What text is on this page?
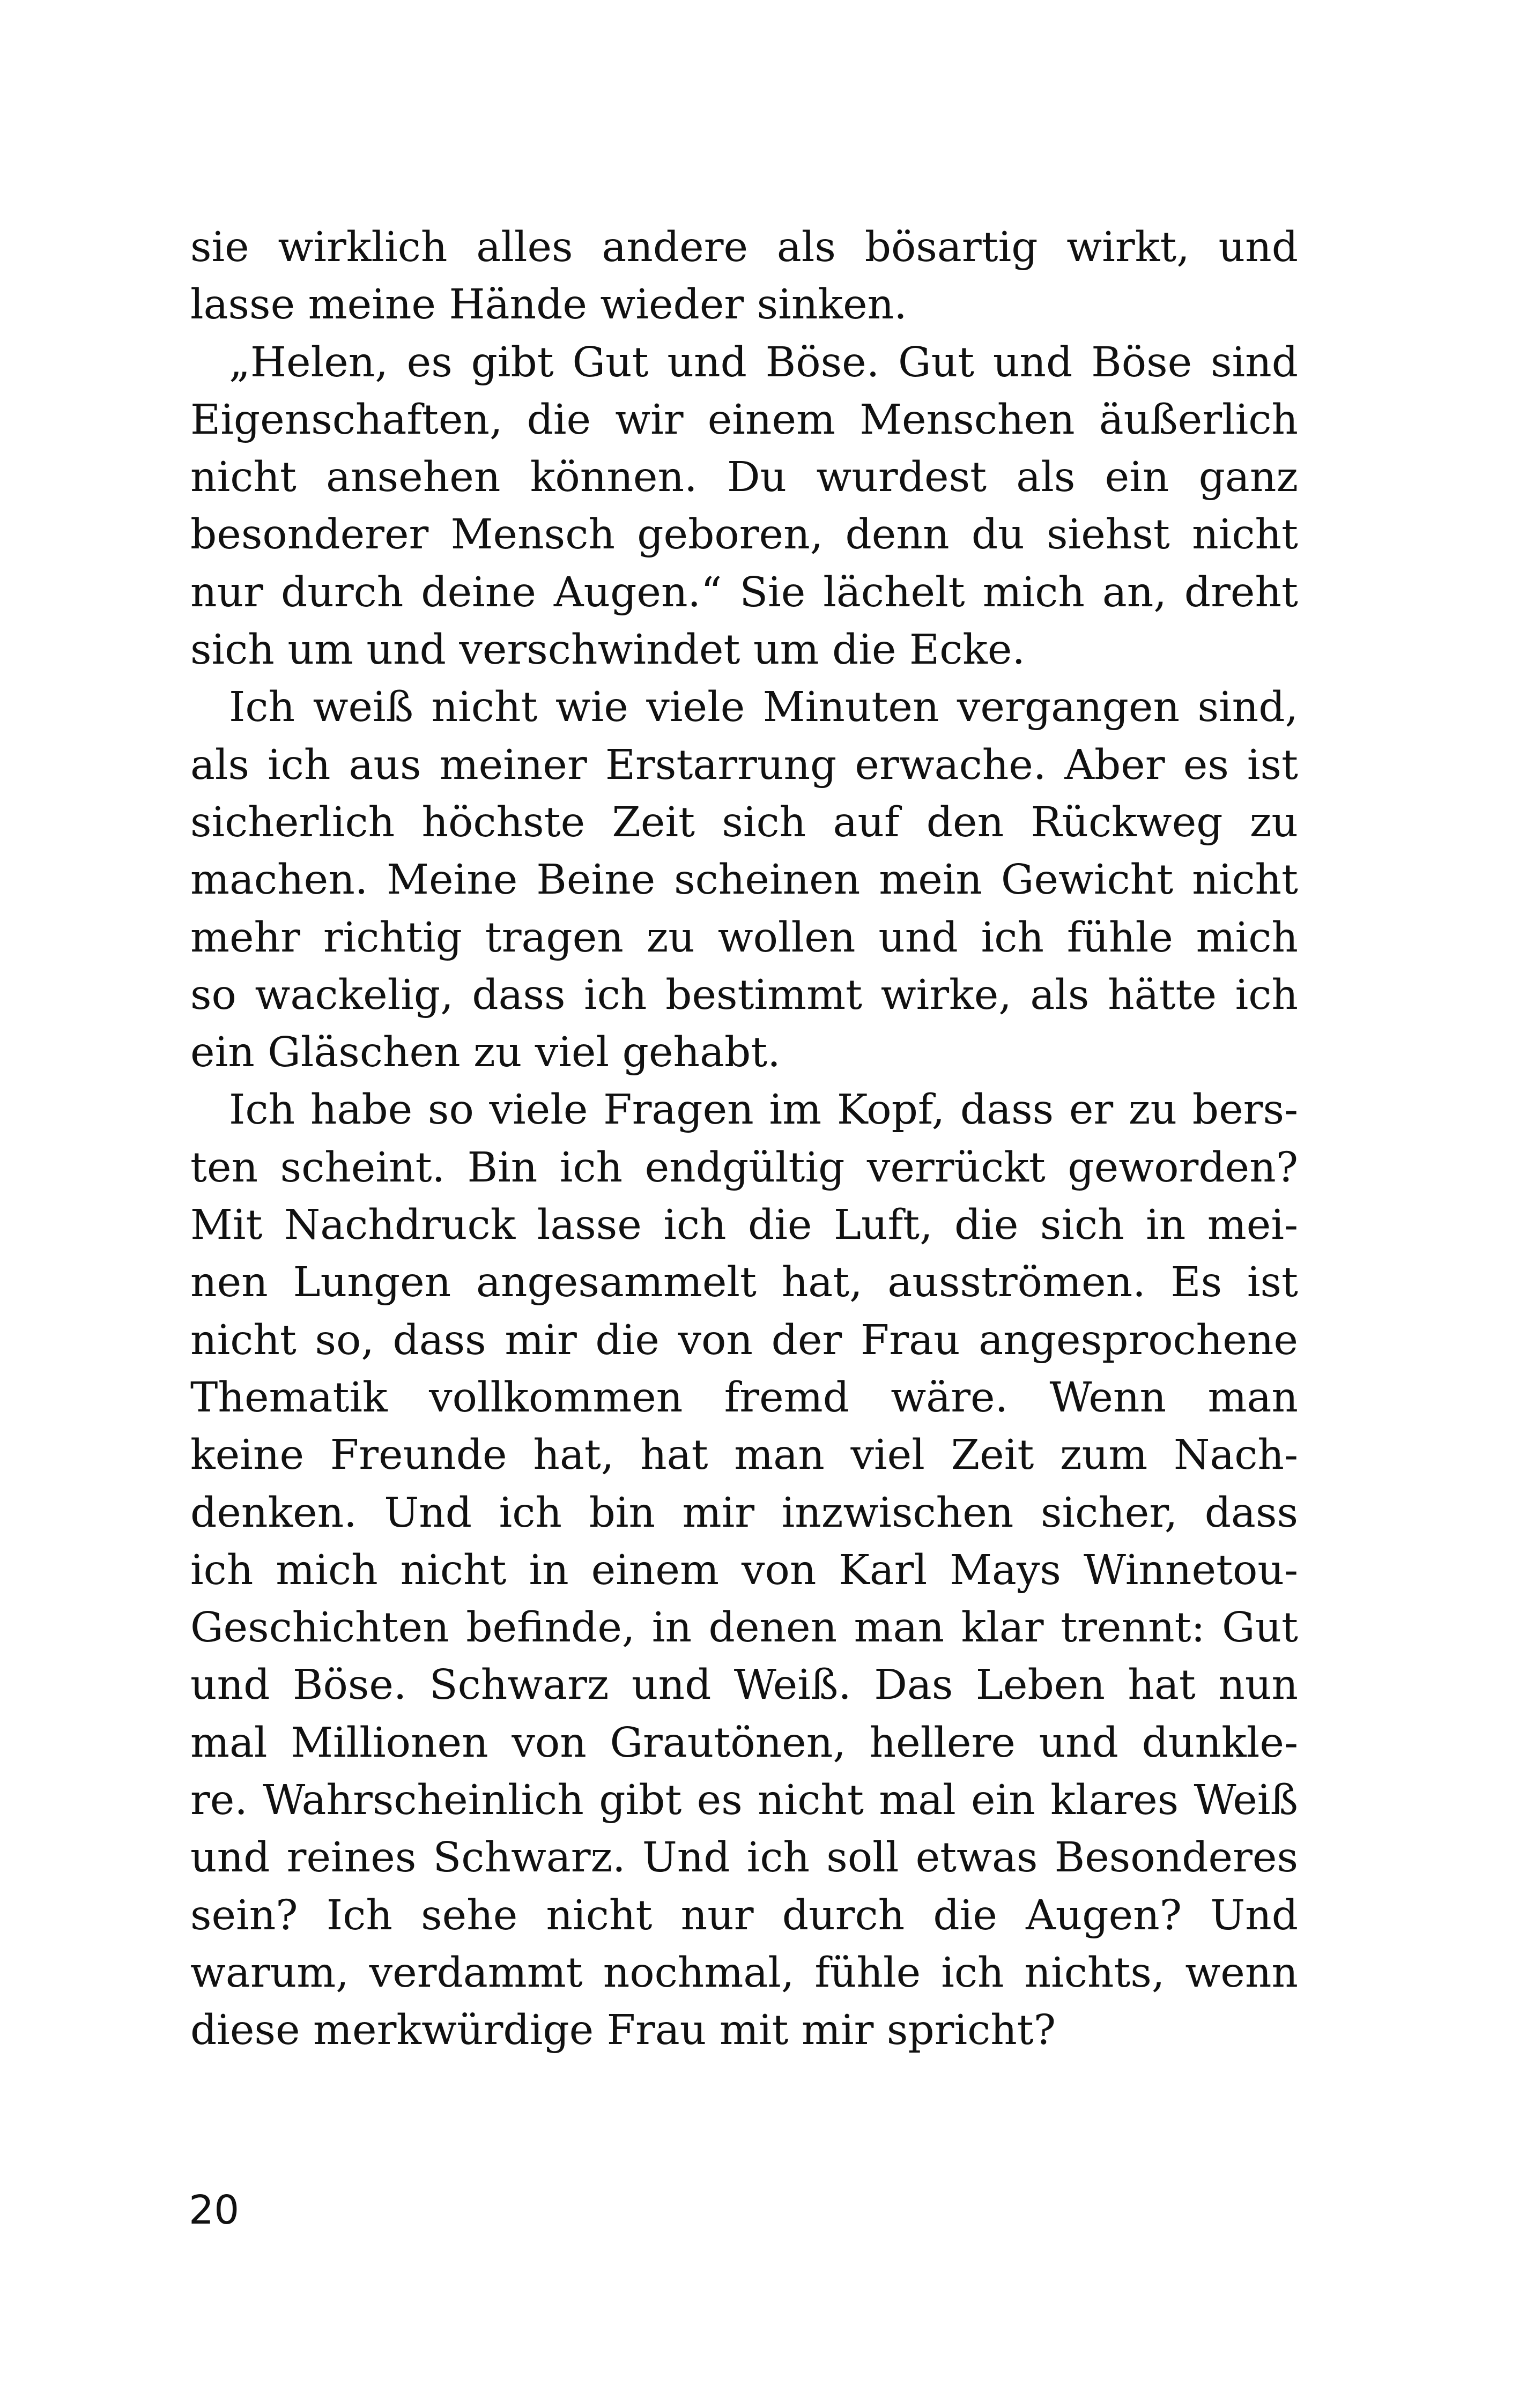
sie wirklich alles andere als bösartig wirkt, und
lasse meine Hände wieder sinken.
„Helen, es gibt Gut und Böse. Gut und Böse sind
Eigenschaften, die wir einem Menschen äußerlich
nicht ansehen können. Du wurdest als ein ganz
besonderer Mensch geboren, denn du siehst nicht
nur durch deine Augen.“ Sie lächelt mich an, dreht
sich um und verschwindet um die Ecke.
Ich weiß nicht wie viele Minuten vergangen sind,
als ich aus meiner Erstarrung erwache. Aber es ist
sicherlich höchste Zeit sich auf den Rückweg zu
machen. Meine Beine scheinen mein Gewicht nicht
mehr richtig tragen zu wollen und ich fühle mich
so wackelig, dass ich bestimmt wirke, als hätte ich
ein Gläschen zu viel gehabt.
Ich habe so viele Fragen im Kopf, dass er zu bers-
ten scheint. Bin ich endgültig verrückt geworden?
Mit Nachdruck lasse ich die Luft, die sich in mei-
nen Lungen angesammelt hat, ausströmen. Es ist
nicht so, dass mir die von der Frau angesprochene
Thematik vollkommen fremd wäre. Wenn man
keine Freunde hat, hat man viel Zeit zum Nach-
denken. Und ich bin mir inzwischen sicher, dass
ich mich nicht in einem von Karl Mays Winnetou-
Geschichten befinde, in denen man klar trennt: Gut
und Böse. Schwarz und Weiß. Das Leben hat nun
mal Millionen von Grautönen, hellere und dunkle-
re. Wahrscheinlich gibt es nicht mal ein klares Weiß
und reines Schwarz. Und ich soll etwas Besonderes
sein? Ich sehe nicht nur durch die Augen? Und
warum, verdammt nochmal, fühle ich nichts, wenn
diese merkwürdige Frau mit mir spricht?
20
